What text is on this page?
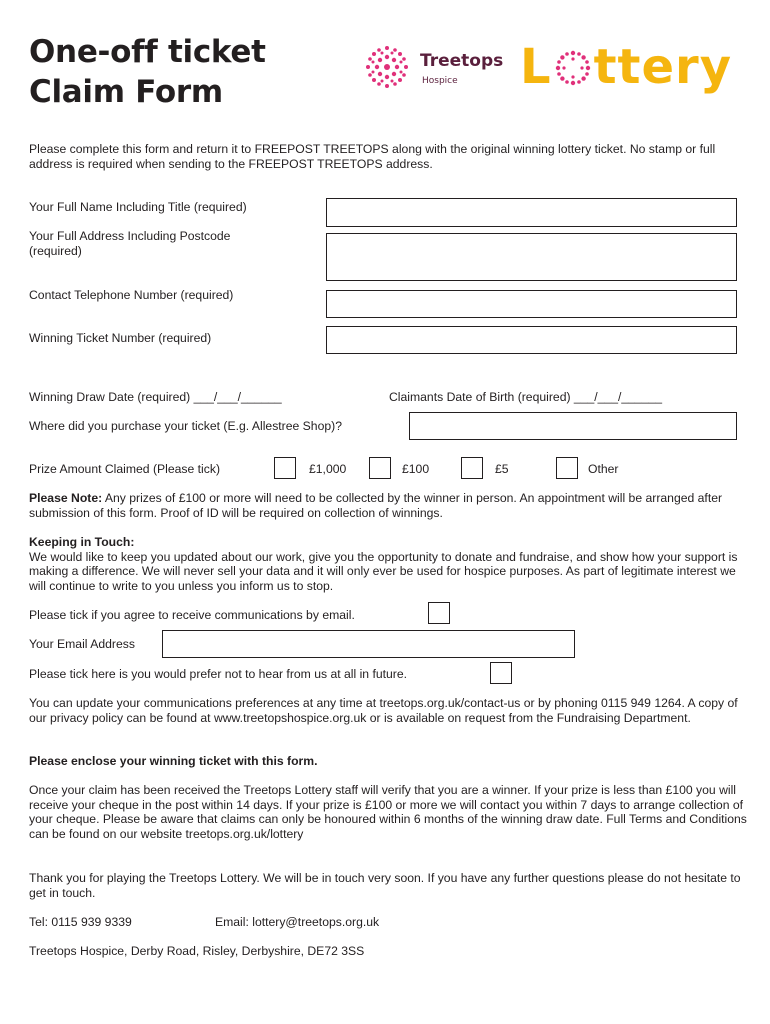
One-off ticket
Claim Form
Treetops
Hospice L ttery
Please complete this form and return it to FREEPOST TREETOPS along with the original winning lottery ticket. No stamp or full address is required when sending to the FREEPOST TREETOPS address.
Your Full Name Including Title (required)
Your Full Address Including Postcode
(required)
Contact Telephone Number (required)
Winning Ticket Number (required)
Winning Draw Date (required) ___/___/______	Claimants Date of Birth (required) ___/___/______
Where did you purchase your ticket (E.g. Allestree Shop)?
Prize Amount Claimed (Please tick)	£1,000	£100	£5	Other
Please Note: Any prizes of £100 or more will need to be collected by the winner in person. An appointment will be arranged after submission of this form. Proof of ID will be required on collection of winnings.
Keeping in Touch:
We would like to keep you updated about our work, give you the opportunity to donate and fundraise, and show how your support is making a difference. We will never sell your data and it will only ever be used for hospice purposes. As part of legitimate interest we will continue to write to you unless you inform us to stop.
Please tick if you agree to receive communications by email.
Your Email Address
Please tick here is you would prefer not to hear from us at all in future.
You can update your communications preferences at any time at treetops.org.uk/contact-us or by phoning 0115 949 1264. A copy of our privacy policy can be found at www.treetopshospice.org.uk or is available on request from the Fundraising Department.
Please enclose your winning ticket with this form.
Once your claim has been received the Treetops Lottery staff will verify that you are a winner. If your prize is less than £100 you will receive your cheque in the post within 14 days. If your prize is £100 or more we will contact you within 7 days to arrange collection of your cheque. Please be aware that claims can only be honoured within 6 months of the winning draw date. Full Terms and Conditions can be found on our website treetops.org.uk/lottery
Thank you for playing the Treetops Lottery. We will be in touch very soon. If you have any further questions please do not hesitate to get in touch.
Tel: 0115 939 9339	Email: lottery@treetops.org.uk
Treetops Hospice, Derby Road, Risley, Derbyshire, DE72 3SS
